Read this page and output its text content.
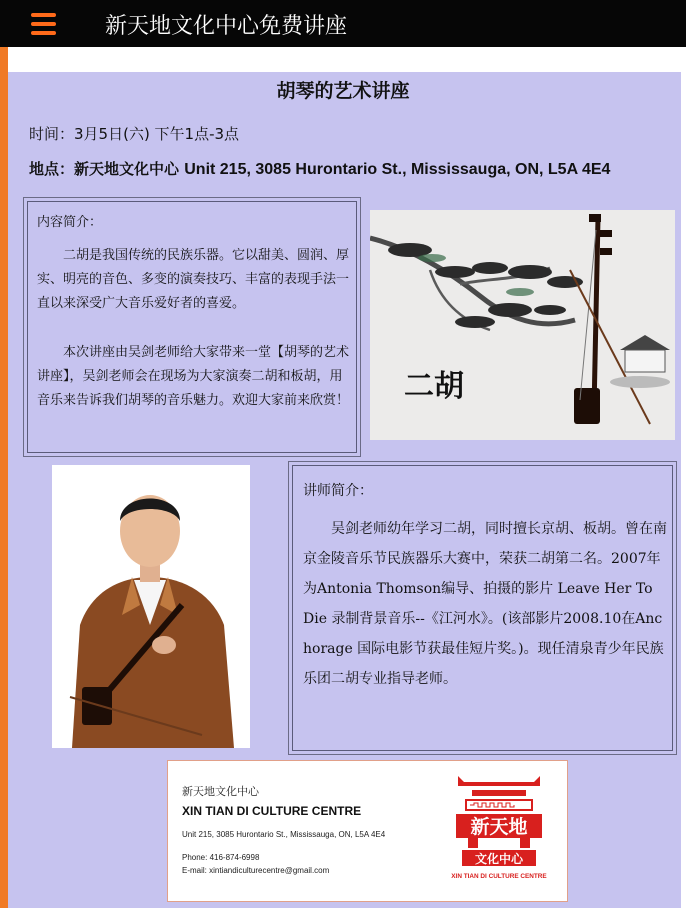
新天地文化中心免费讲座
胡琴的艺术讲座
时间：3月5日(六) 下午1点-3点
地点：新天地文化中心 Unit 215, 3085 Hurontario St., Mississauga, ON, L5A 4E4
内容简介：

二胡是我国传统的民族乐器。它以甜美、圆润、厚实、明亮的音色、多变的演奏技巧、丰富的表现手法一直以来深受广大音乐爱好者的喜爱。

本次讲座由吴剑老师给大家带来一堂【胡琴的艺术讲座】，吴剑老师会在现场为大家演奏二胡和板胡，用音乐来告诉我们胡琴的音乐魅力。欢迎大家前来欣赏！ 二胡
讲师简介：

吴剑老师幼年学习二胡，同时擅长京胡、板胡。曾在南京金陵音乐节民族器乐大赛中，荣获二胡第二名。2007年为Antonia Thomson编导、拍摄的影片 Leave Her To Die 录制背景音乐--《江河水》。(该部影片2008.10在Anchorage 国际电影节获最佳短片奖。)。现任清泉青少年民族乐团二胡专业指导老师。

新天地文化中心
XIN TIAN DI CULTURE CENTRE
Unit 215, 3085 Hurontario St., Mississauga, ON, L5A 4E4
Phone: 416-874-6998
E-mail: xintiandiculturecentre@gmail.com
新天地
文化中心
XIN TIAN DI CULTURE CENTRE
